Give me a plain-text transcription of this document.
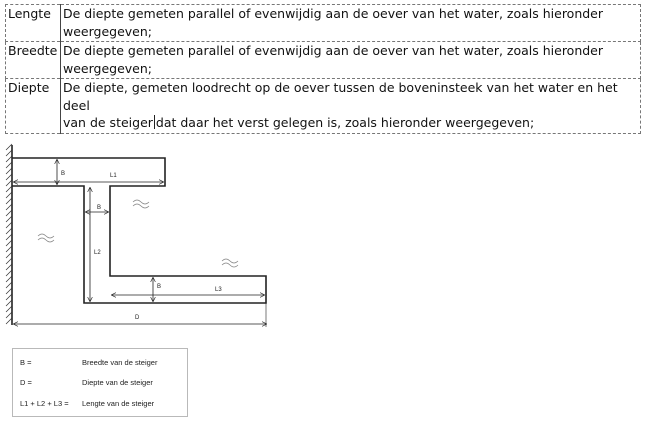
Lengte	De diepte gemeten parallel of evenwijdig aan de oever van het water, zoals hieronder
weergegeven;
Breedte	De diepte gemeten parallel of evenwijdig aan de oever van het water, zoals hieronder
weergegeven;
Diepte	De diepte, gemeten loodrecht op de oever tussen de boveninsteek van het water en het deel
van de steiger dat daar het verst gelegen is, zoals hieronder weergegeven;
B	L1
B
L2
B	L3
D
B =	Breedte van de steiger
D =	Diepte van de steiger
L1 + L2 + L3 =	Lengte van de steiger
